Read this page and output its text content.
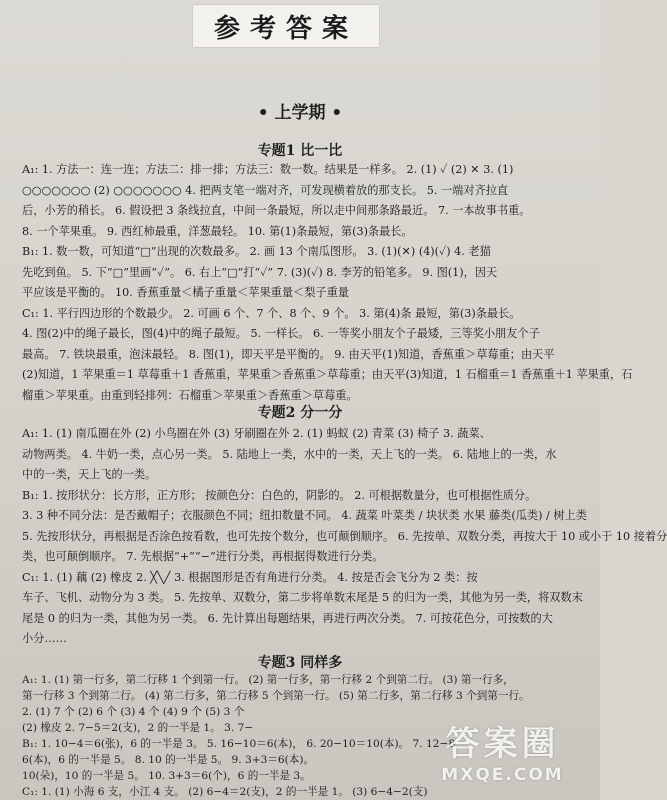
参考答案
• 上学期 •
专题1 比一比

A₁: 1. 方法一：连一连；方法二：排一排；方法三：数一数。结果是一样多。 2. (1) ✓ (2) ✕ 3. (1)

○○○○○○○ (2) ○○○○○○○ 4. 把两支笔一端对齐，可发现横着放的那支长。 5. 一端对齐拉直

后，小芳的稍长。 6. 假设把 3 条线拉直，中间一条最短，所以走中间那条路最近。 7. 一本故事书重。

8. 一个苹果重。 9. 西红柿最重，洋葱最轻。 10. 第(1)条最短，第(3)条最长。

B₁: 1. 数一数，可知道“□”出现的次数最多。 2. 画 13 个南瓜图形。 3. (1)(✕) (4)(✓) 4. 老猫

先吃到鱼。 5. 下“□”里画“✓”。 6. 右上“□”打“✓” 7. (3)(✓) 8. 李芳的铅笔多。 9. 图(1)，因天

平应该是平衡的。 10. 香蕉重量＜橘子重量＜苹果重量＜梨子重量

C₁: 1. 平行四边形的个数最少。 2. 可画 6 个、7 个、8 个、9 个。 3. 第(4)条 最短，第(3)条最长。

4. 图(2)中的绳子最长，图(4)中的绳子最短。 5. 一样长。 6. 一等奖小朋友个子最矮，三等奖小朋友个子

最高。 7. 铁块最重，泡沫最轻。 8. 图(1)，即天平是平衡的。 9. 由天平(1)知道，香蕉重＞草莓重；由天平

(2)知道，1 苹果重＝1 草莓重＋1 香蕉重，苹果重＞香蕉重＞草莓重；由天平(3)知道，1 石榴重＝1 香蕉重＋1 苹果重，石

榴重＞苹果重。由重到轻排列：石榴重＞苹果重＞香蕉重＞草莓重。

专题2 分一分

A₁: 1. (1) 南瓜圈在外 (2) 小鸟圈在外 (3) 牙刷圈在外 2. (1) 蚂蚁 (2) 青菜 (3) 椅子 3. 蔬菜、

动物两类。 4. 牛奶一类，点心另一类。 5. 陆地上一类，水中的一类，天上飞的一类。 6. 陆地上的一类，水

中的一类，天上飞的一类。

B₁: 1. 按形状分：长方形，正方形； 按颜色分：白色的，阴影的。 2. 可根据数量分，也可根据性质分。

3. 3 种不同分法：是否戴帽子；衣服颜色不同；纽扣数量不同。 4. 蔬菜 叶菜类 / 块状类 水果 藤类(瓜类) / 树上类

5. 先按形状分，再根据是否涂色按看数，也可先按个数分，也可颠倒顺序。 6. 先按单、双数分类，再按大于 10 或小于 10 接着分

类，也可颠倒顺序。 7. 先根据“+”“−”进行分类，再根据得数进行分类。

C₁: 1. (1) 藕 (2) 橡皮 2. ╳╲╱ 3. 根据图形是否有角进行分类。 4. 按是否会飞分为 2 类：按

车子、飞机、动物分为 3 类。 5. 先按单、双数分，第二步将单数末尾是 5 的归为一类，其他为另一类，将双数末

尾是 0 的归为一类，其他为另一类。 6. 先计算出每题结果，再进行两次分类。 7. 可按花色分，可按数的大

小分……

专题3 同样多

A₁: 1. (1) 第一行多，第二行移 1 个到第一行。 (2) 第一行多，第一行移 2 个到第二行。 (3) 第一行多，

第一行移 3 个到第二行。 (4) 第二行多，第二行移 5 个到第一行。 (5) 第二行多，第二行移 3 个到第一行。

2. (1) 7 个 (2) 6 个 (3) 4 个 (4) 9 个 (5) 3 个

(2) 橡皮 2. 7−5＝2(支)，2 的一半是 1。 3. 7−

B₁: 1. 10−4＝6(张)，6 的一半是 3。 5. 16−10＝6(本)， 6. 20−10＝10(本)。 7. 12−8

6(本)，6 的一半是 5。 8. 10 的一半是 5。 9. 3+3＝6(本)。

10(朵)，10 的一半是 5。 10. 3+3＝6(个)，6 的一半是 3。

C₁: 1. (1) 小海 6 支，小江 4 支。 (2) 6−4＝2(支)，2 的一半是 1。 (3) 6−4−2(支)

答案圈
MXQE.COM
